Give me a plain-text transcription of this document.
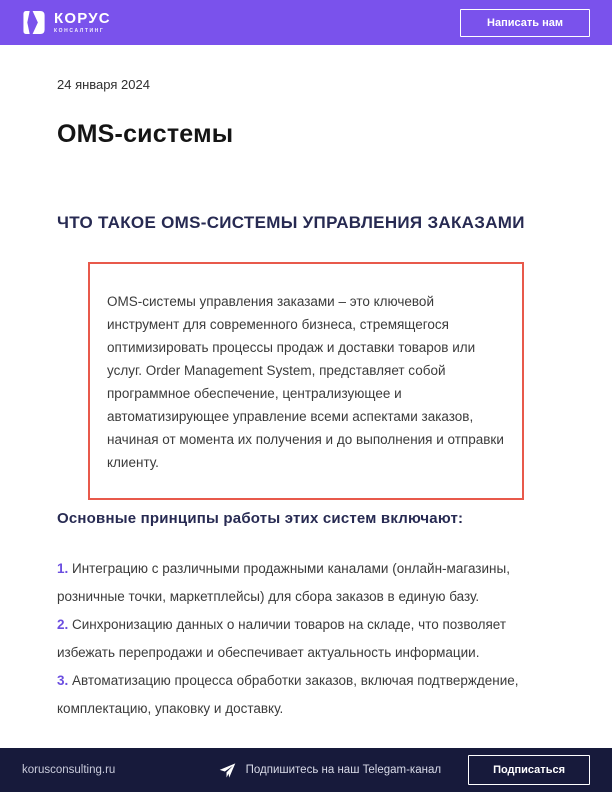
КОРУС
КОНСАЛТИНГ
Написать нам
24 января 2024
OMS-системы
ЧТО ТАКОЕ OMS-СИСТЕМЫ УПРАВЛЕНИЯ ЗАКАЗАМИ
OMS-системы управления заказами – это ключевой инструмент для современного бизнеса, стремящегося оптимизировать процессы продаж и доставки товаров или услуг. Order Management System, представляет собой программное обеспечение, централизующее и автоматизирующее управление всеми аспектами заказов, начиная от момента их получения и до выполнения и отправки клиенту.
Основные принципы работы этих систем включают:

1. Интеграцию с различными продажными каналами (онлайн-магазины, розничные точки, маркетплейсы) для сбора заказов в единую базу.

2. Синхронизацию данных о наличии товаров на складе, что позволяет избежать перепродажи и обеспечивает актуальность информации.

3. Автоматизацию процесса обработки заказов, включая подтверждение, комплектацию, упаковку и доставку.

korusconsulting.ru	Подпишитесь на наш Telegam-канал	Подписаться
